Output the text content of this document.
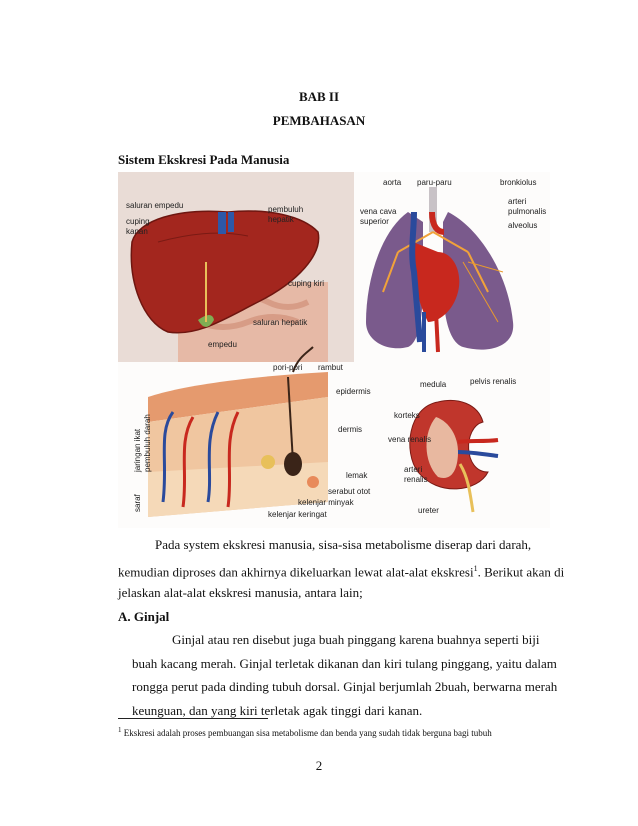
BAB II
PEMBAHASAN
Sistem Ekskresi Pada Manusia
saluran empedu
cuping
kanan
pembuluh
hepatik
cuping kiri
saluran hepatik
empedu
aorta paru-paru	bronkiolus
vena cava
superior
arteri
pulmonalis
alveolus
pori-pori rambut
epidermis
dermis
lemak
serabut otot
kelenjar minyak
kelenjar keringat
jaringan ikat pembuluh darah
saraf
medula	pelvis renalis
korteks
vena renalis
arteri
renalis
ureter
Pada system ekskresi manusia, sisa-sisa metabolisme diserap dari darah,
kemudian diproses dan akhirnya dikeluarkan lewat alat-alat ekskresi$^1$. Berikut akan di
jelaskan alat-alat ekskresi manusia, antara lain;
A. Ginjal
Ginjal atau ren disebut juga buah pinggang karena buahnya seperti biji
buah kacang merah. Ginjal terletak dikanan dan kiri tulang pinggang, yaitu dalam
rongga perut pada dinding tubuh dorsal. Ginjal berjumlah 2buah, berwarna merah
keunguan, dan yang kiri terletak agak tinggi dari kanan.
$^1$ Ekskresi adalah proses pembuangan sisa metabolisme dan benda yang sudah tidak berguna bagi tubuh
2
